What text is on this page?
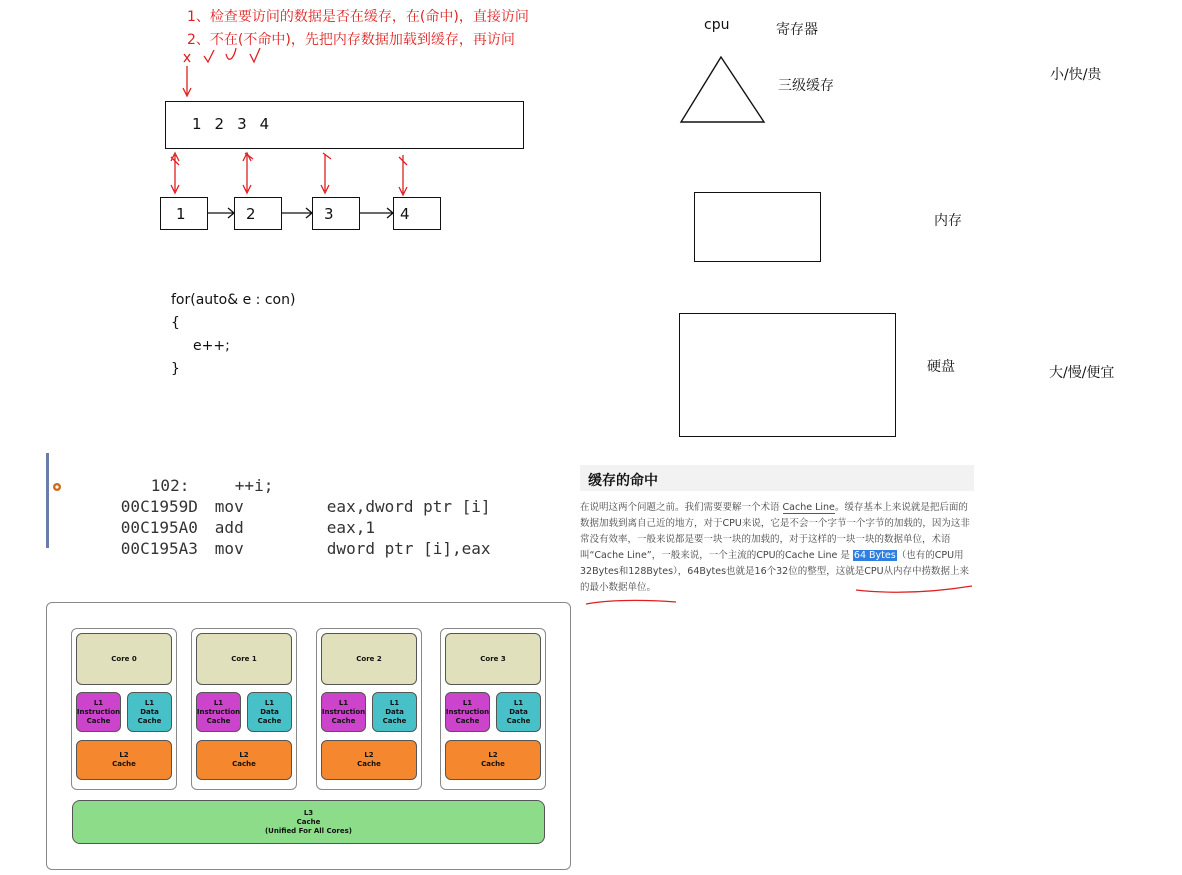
1、检查要访问的数据是否在缓存，在(命中)，直接访问
2、不在(不命中)，先把内存数据加载到缓存，再访问
1 2 3 4
1	2	3	4
for(auto& e : con)
{
e++;
}
cpu	寄存器
三级缓存
小/快/贵
内存
硬盘	大/慢/便宜

102:	++i;

00C1959D mov	eax,dword ptr [i]

00C195A0 add	eax,1

00C195A3 mov	dword ptr [i],eax

缓存的命中
在说明这两个问题之前。我们需要要解一个术语 Cache Line。缓存基本上来说就是把后面的数据加载到离自己近的地方，对于CPU来说，它是不会一个字节一个字节的加载的，因为这非常没有效率，一般来说都是要一块一块的加载的，对于这样的一块一块的数据单位，术语叫“Cache Line”，一般来说，一个主流的CPU的Cache Line 是 64 Bytes（也有的CPU用32Bytes和128Bytes），64Bytes也就是16个32位的整型，这就是CPU从内存中捞数据上来的最小数据单位。
Core 0
L1
Instruction
Cache
L1
Data
Cache
L2
Cache
Core 1
L1
Instruction
Cache
L1
Data
Cache
L2
Cache
Core 2
L1
Instruction
Cache
L1
Data
Cache
L2
Cache
Core 3
L1
Instruction
Cache
L1
Data
Cache
L2
Cache
L3
Cache
(Unified For All Cores)
